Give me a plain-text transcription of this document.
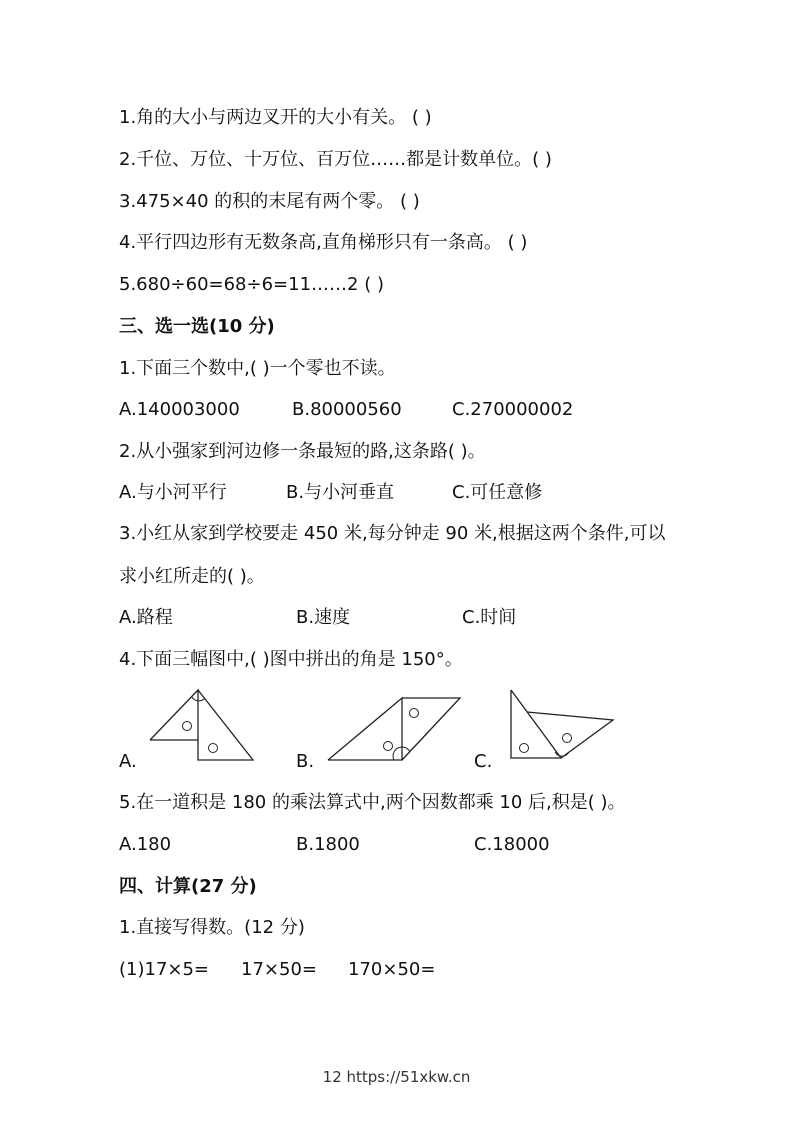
1.角的大小与两边叉开的大小有关。 ( )
2.千位、万位、十万位、百万位……都是计数单位。( )
3.475×40 的积的末尾有两个零。 ( )
4.平行四边形有无数条高,直角梯形只有一条高。 ( )
5.680÷60=68÷6=11……2 ( )
三、选一选(10 分)
1.下面三个数中,( )一个零也不读。
A.140003000	B.80000560	C.270000002
2.从小强家到河边修一条最短的路,这条路( )。
A.与小河平行	B.与小河垂直	C.可任意修
3.小红从家到学校要走 450 米,每分钟走 90 米,根据这两个条件,可以
求小红所走的( )。
A.路程	B.速度	C.时间
4.下面三幅图中,( )图中拼出的角是 150°。
A.	B.	C.
5.在一道积是 180 的乘法算式中,两个因数都乘 10 后,积是( )。
A.180	B.1800	C.18000
四、计算(27 分)
1.直接写得数。(12 分)
(1)17×5= 17×50= 170×50=
12 https://51xkw.cn
